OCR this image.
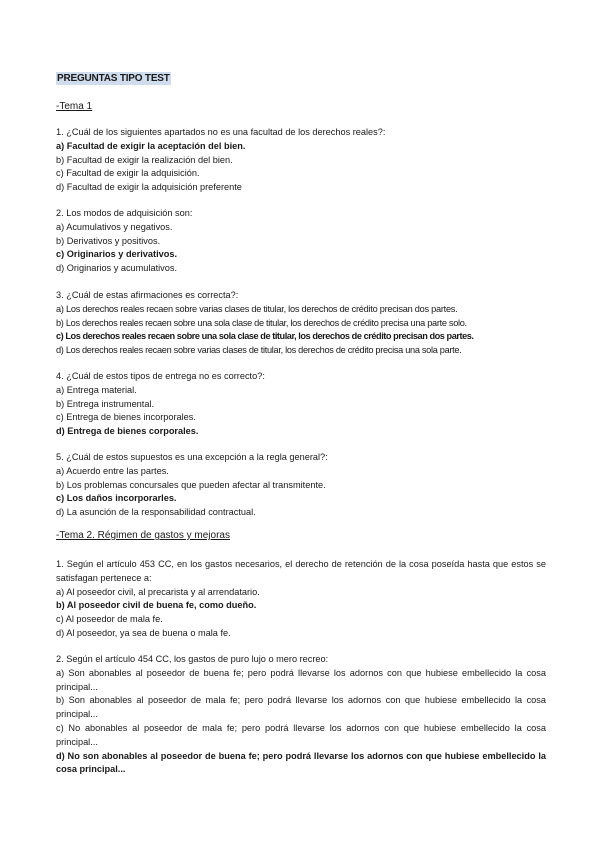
PREGUNTAS TIPO TEST
-Tema 1
1. ¿Cuál de los siguientes apartados no es una facultad de los derechos reales?:
a) Facultad de exigir la aceptación del bien.
b) Facultad de exigir la realización del bien.
c) Facultad de exigir la adquisición.
d) Facultad de exigir la adquisición preferente
2. Los modos de adquisición son:
a) Acumulativos y negativos.
b) Derivativos y positivos.
c) Originarios y derivativos.
d) Originarios y acumulativos.
3. ¿Cuál de estas afirmaciones es correcta?:
a) Los derechos reales recaen sobre varias clases de titular, los derechos de crédito precisan dos partes.
b) Los derechos reales recaen sobre una sola clase de titular, los derechos de crédito precisa una parte solo.
c) Los derechos reales recaen sobre una sola clase de titular, los derechos de crédito precisan dos partes.
d) Los derechos reales recaen sobre varias clases de titular, los derechos de crédito precisa una sola parte.
4. ¿Cuál de estos tipos de entrega no es correcto?:
a) Entrega material.
b) Entrega instrumental.
c) Entrega de bienes incorporales.
d) Entrega de bienes corporales.
5. ¿Cuál de estos supuestos es una excepción a la regla general?:
a) Acuerdo entre las partes.
b) Los problemas concursales que pueden afectar al transmitente.
c) Los daños incorporarles.
d) La asunción de la responsabilidad contractual.
-Tema 2. Régimen de gastos y mejoras
1. Según el artículo 453 CC, en los gastos necesarios, el derecho de retención de la cosa poseída hasta que estos se satisfagan pertenece a:
a) Al poseedor civil, al precarista y al arrendatario.
b) Al poseedor civil de buena fe, como dueño.
c) Al poseedor de mala fe.
d) Al poseedor, ya sea de buena o mala fe.
2. Según el artículo 454 CC, los gastos de puro lujo o mero recreo:
a) Son abonables al poseedor de buena fe; pero podrá llevarse los adornos con que hubiese embellecido la cosa principal...
b) Son abonables al poseedor de mala fe; pero podrá llevarse los adornos con que hubiese embellecido la cosa principal...
c) No abonables al poseedor de mala fe; pero podrá llevarse los adornos con que hubiese embellecido la cosa principal...
d) No son abonables al poseedor de buena fe; pero podrá llevarse los adornos con que hubiese embellecido la cosa principal...
